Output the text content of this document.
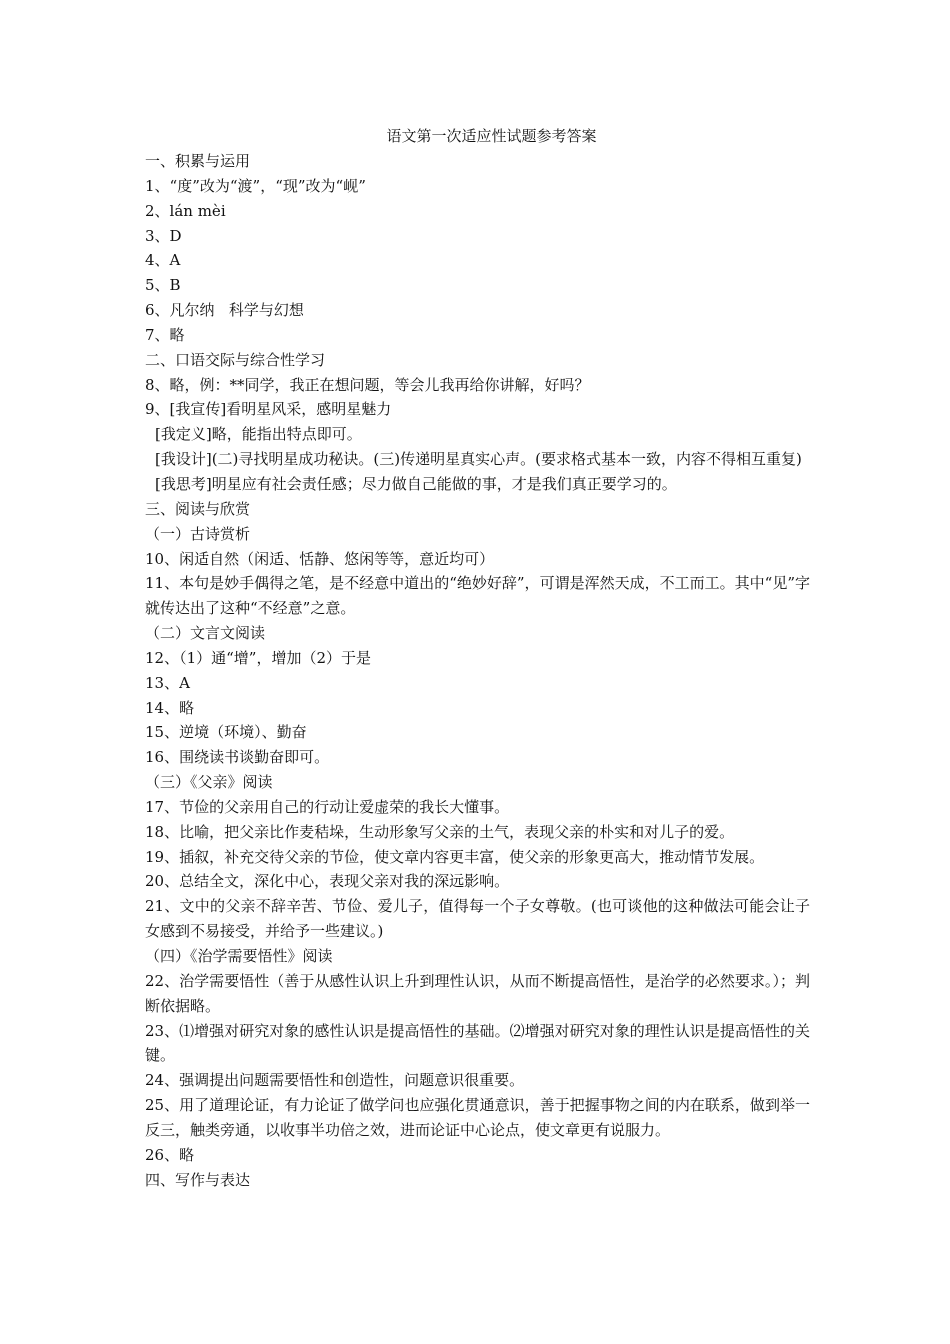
语文第一次适应性试题参考答案

一、积累与运用

1、“度”改为“渡”，“现”改为“岘”

2、lán mèi

3、D

4、A

5、B

6、凡尔纳   科学与幻想

7、略

二、口语交际与综合性学习

8、略，例：**同学，我正在想问题，等会儿我再给你讲解，好吗？

9、[我宣传]看明星风采，感明星魅力

[我定义]略，能指出特点即可。

[我设计](二)寻找明星成功秘诀。(三)传递明星真实心声。(要求格式基本一致，内容不得相互重复)

[我思考]明星应有社会责任感；尽力做自己能做的事，才是我们真正要学习的。

三、阅读与欣赏

（一）古诗赏析

10、闲适自然（闲适、恬静、悠闲等等，意近均可）

11、本句是妙手偶得之笔，是不经意中道出的“绝妙好辞”，可谓是浑然天成，不工而工。其中“见”字就传达出了这种“不经意”之意。

（二）文言文阅读

12、（1）通“增”，增加（2）于是

13、A

14、略

15、逆境（环境）、勤奋

16、围绕读书谈勤奋即可。

（三）《父亲》阅读

17、节俭的父亲用自己的行动让爱虚荣的我长大懂事。

18、比喻，把父亲比作麦秸垛，生动形象写父亲的土气，表现父亲的朴实和对儿子的爱。

19、插叙，补充交待父亲的节俭，使文章内容更丰富，使父亲的形象更高大，推动情节发展。

20、总结全文，深化中心，表现父亲对我的深远影响。

21、文中的父亲不辞辛苦、节俭、爱儿子，值得每一个子女尊敬。(也可谈他的这种做法可能会让子女感到不易接受，并给予一些建议。)

（四）《治学需要悟性》阅读

22、治学需要悟性（善于从感性认识上升到理性认识，从而不断提高悟性，是治学的必然要求。）；判断依据略。

23、⑴增强对研究对象的感性认识是提高悟性的基础。⑵增强对研究对象的理性认识是提高悟性的关键。

24、强调提出问题需要悟性和创造性，问题意识很重要。

25、用了道理论证，有力论证了做学问也应强化贯通意识，善于把握事物之间的内在联系，做到举一反三，触类旁通，以收事半功倍之效，进而论证中心论点，使文章更有说服力。

26、略

四、写作与表达
